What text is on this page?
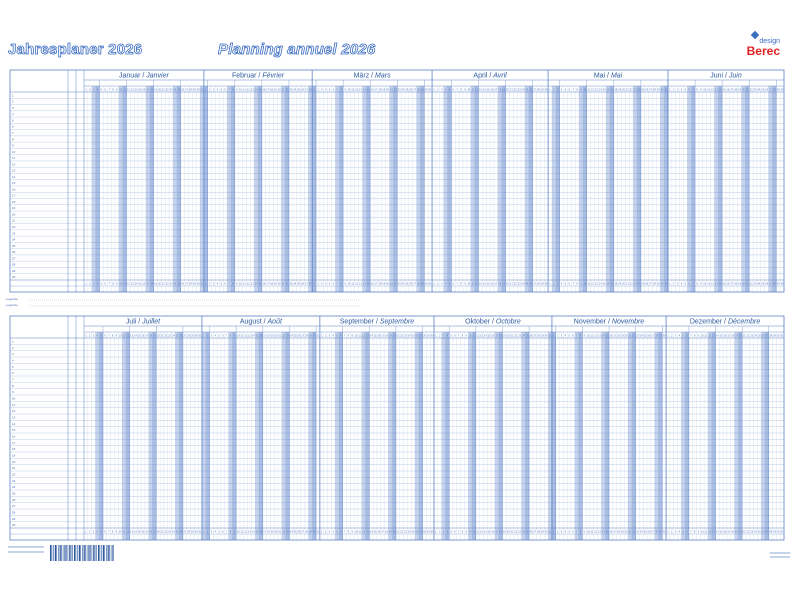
Jahresplaner 2026	Planning annuel 2026	design
Berec
Januar / Janvier
1
1
2
2
3
3
4
4
5
5
6
6
7
7
8
8
9
9
10
10
11
11
12
12
13
13
14
14
15
15
16
16
17
17
18
18
19
19
20
20
21
21
22
22
23
23
24
24
25
25
26
26
27
27
28
28
29
29
30
30
31
31
Februar / Février
1
1
2
2
3
3
4
4
5
5
6
6
7
7
8
8
9
9
10
10
11
11
12
12
13
13
14
14
15
15
16
16
17
17
18
18
19
19
20
20
21
21
22
22
23
23
24
24
25
25
26
26
27
27
28
28
März / Mars
1
1
2
2
3
3
4
4
5
5
6
6
7
7
8
8
9
9
10
10
11
11
12
12
13
13
14
14
15
15
16
16
17
17
18
18
19
19
20
20
21
21
22
22
23
23
24
24
25
25
26
26
27
27
28
28
29
29
30
30
31
31
April / Avril
1
1
2
2
3
3
4
4
5
5
6
6
7
7
8
8
9
9
10
10
11
11
12
12
13
13
14
14
15
15
16
16
17
17
18
18
19
19
20
20
21
21
22
22
23
23
24
24
25
25
26
26
27
27
28
28
29
29
30
30
Mai / Mai
1
1
2
2
3
3
4
4
5
5
6
6
7
7
8
8
9
9
10
10
11
11
12
12
13
13
14
14
15
15
16
16
17
17
18
18
19
19
20
20
21
21
22
22
23
23
24
24
25
25
26
26
27
27
28
28
29
29
30
30
31
31
Juni / Juin
1
1
2
2
3
3
4
4
5
5
6
6
7
7
8
8
9
9
10
10
11
11
12
12
13
13
14
14
15
15
16
16
17
17
18
18
19
19
20
20
21
21
22
22
23
23
24
24
25
25
26
26
27
27
28
28
29
29
30
30
1
2
3
4
5
6
7
8
9
10
11
12
13
14
15
16
17
18
19
20
21
22
23
24
25
26
27
28
29
30
Juli / Juillet
1
1
2
2
3
3
4
4
5
5
6
6
7
7
8
8
9
9
10
10
11
11
12
12
13
13
14
14
15
15
16
16
17
17
18
18
19
19
20
20
21
21
22
22
23
23
24
24
25
25
26
26
27
27
28
28
29
29
30
30
31
31
August / Août
1
1
2
2
3
3
4
4
5
5
6
6
7
7
8
8
9
9
10
10
11
11
12
12
13
13
14
14
15
15
16
16
17
17
18
18
19
19
20
20
21
21
22
22
23
23
24
24
25
25
26
26
27
27
28
28
29
29
30
30
31
31
September / Septembre
1
1
2
2
3
3
4
4
5
5
6
6
7
7
8
8
9
9
10
10
11
11
12
12
13
13
14
14
15
15
16
16
17
17
18
18
19
19
20
20
21
21
22
22
23
23
24
24
25
25
26
26
27
27
28
28
29
29
30
30
Oktober / Octobre
1
1
2
2
3
3
4
4
5
5
6
6
7
7
8
8
9
9
10
10
11
11
12
12
13
13
14
14
15
15
16
16
17
17
18
18
19
19
20
20
21
21
22
22
23
23
24
24
25
25
26
26
27
27
28
28
29
29
30
30
31
31
November / Novembre
1
1
2
2
3
3
4
4
5
5
6
6
7
7
8
8
9
9
10
10
11
11
12
12
13
13
14
14
15
15
16
16
17
17
18
18
19
19
20
20
21
21
22
22
23
23
24
24
25
25
26
26
27
27
28
28
29
29
30
30
Dezember / Décembre
1
1
2
2
3
3
4
4
5
5
6
6
7
7
8
8
9
9
10
10
11
11
12
12
13
13
14
14
15
15
16
16
17
17
18
18
19
19
20
20
21
21
22
22
23
23
24
24
25
25
26
26
27
27
28
28
29
29
30
30
31
31
1
2
3
4
5
6
7
8
9
10
11
12
13
14
15
16
17
18
19
20
21
22
23
24
25
26
27
28
29
30
Legende
Legende
